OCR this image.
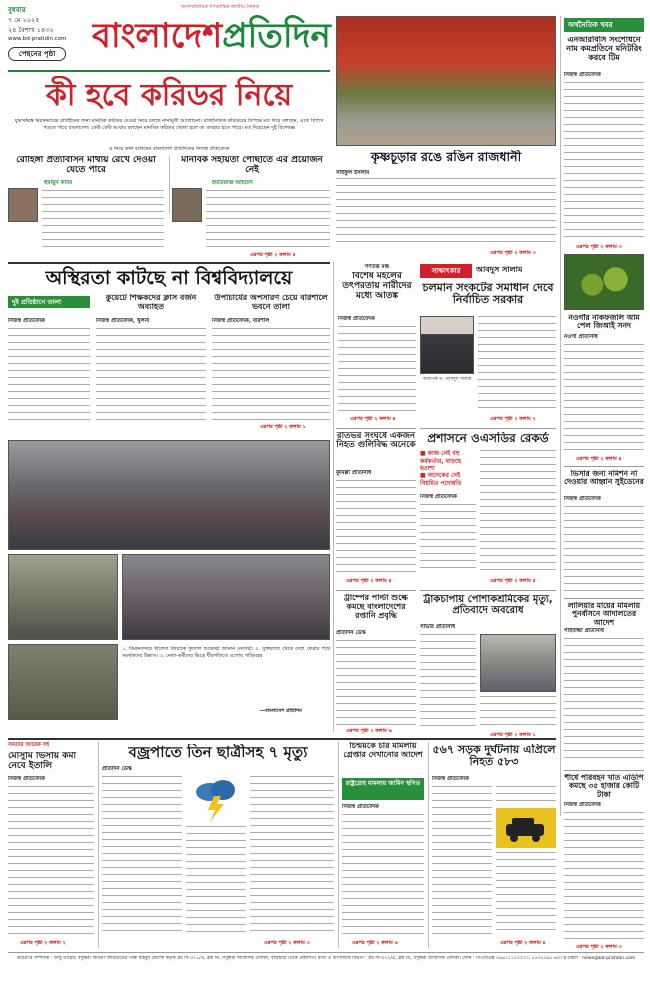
বুধবার
৭ মে ২০২৫
২৪ বৈশাখ ১৪৩২
www.bd-pratidin.com
পেছনের পৃষ্ঠা
অসাম্প্রদায়িক গণতান্ত্রিক জাতীয় দৈনিক
বাংলাদেশপ্রতিদিন
কী হবে করিডর নিয়ে
যুদ্ধবিধ্বস্ত মিয়ানমারের রাখাইনের জন্য মানবিক করিডর দেওয়া নিয়ে চলছে নানামুখী আলোচনা। রাজনৈতিক করিডরের বিপক্ষে মত দিয়ে বলছেন, এতে বিপদে পড়তে পারে বাংলাদেশ। কেউ কেউ আবার বলছেন মানবিক করিডর খোলা হলে তা ব্যবহার হতে পারে। মত দিয়েছেন দুই বিশেষজ্ঞ
এ নিয়ে কথা বলেছেন বাংলাদেশ প্রতিদিনের নিজস্ব প্রতিবেদক
রোহিঙ্গা প্রত্যাবাসন মাথায় রেখে দেওয়া যেতে পারে
মানবিক সহায়তা পৌঁছাতে এর প্রয়োজন নেই
হুমায়ুন কবির	ইমতিয়াজ আহমেদ
এরপর পৃষ্ঠা ২ কলাম ৫
কৃষ্ণচূড়ার রঙে রঙিন রাজধানী
সাইফুল ইসলাম
এরপর পৃষ্ঠা ২ কলাম ৩
অর্থনৈতিক খবর
এনআরবিসি সংশোধনে নাম কমপ্রতিনে মনিটরিং করবে টিম
নিজস্ব প্রতিবেদক
এরপর পৃষ্ঠা ২ কলাম ৩
নওগাঁর নাকফজলি আম পেল জিআই সনদ
নওগাঁ প্রতিনিধি
এরপর পৃষ্ঠা ২ কলাম ৪
ভিসার জন্য নমিশন না দেওয়ার আহ্বান সুইডেনের
নিজস্ব প্রতিবেদক
লালিয়ার মায়ের মামলায় পুনর্বাসনে আদালতের আদেশ
গাইবান্ধা প্রতিনিধি
শীর্ষে পরিবহন খাত এডিপি কমছে ৩৫ হাজার কোটি টাকা
নিজস্ব প্রতিবেদক
এরপর পৃষ্ঠা ২ কলাম ৩
অস্থিরতা কাটছে না বিশ্ববিদ্যালয়ে
দুই প্রতিষ্ঠানে তালা	কুয়েটে শিক্ষকদের ক্লাস বর্জন অব্যাহত
উপাচার্যের অপসারণ চেয়ে বরিশালে ভবনে তালা
নিজস্ব প্রতিবেদক	নিজস্ব প্রতিবেদক, খুলনা	নিজস্ব প্রতিবেদক, বরিশাল
এরপর পৃষ্ঠা ২ কলাম ১
গণতন্ত্র মঞ্চ
বিশেষ মহলের তৎপরতায় নারীদের মধ্যে আতঙ্ক
নিজস্ব প্রতিবেদক
এরপর পৃষ্ঠা ২ কলাম ৪
সাক্ষাৎকার	আবদুস সালাম
চলমান সংকটের সমাধান দেবে নির্বাচিত সরকার
অধ্যাপক ড. আবদুস সালাম
এরপর পৃষ্ঠা ২ কলাম ২
রাতভর সংঘর্ষে একজন নিহত গুলিবিদ্ধ অনেকে
কুমিল্লা প্রতিনিধি
এরপর পৃষ্ঠা ২ কলাম ৪
প্রশাসনে ওএসডির রেকর্ড
■ কাজ নেই বহু কর্মকর্তার, বাড়ছে হতাশা
■ অনেকের নেই নিয়মিত পদোন্নতি
নিজস্ব প্রতিবেদক
এরপর পৃষ্ঠা ২ কলাম ৫
ট্রাম্পের পাল্টা শুল্কে কমছে বাংলাদেশের রপ্তানি প্রবৃদ্ধি
প্রতিদিন ডেস্ক
এরপর পৃষ্ঠা ২ কলাম ৬
ট্রাকচাপায় পোশাকশ্রমিকের মৃত্যু, প্রতিবাদে অবরোধ
সাভার প্রতিনিধি
এরপর পৃষ্ঠা ২ কলাম ১
১. বিমানবন্দরে খালেদা জিয়াকে ফুলেল শুভেচ্ছা জানান নেতারা। ২. যুক্তরাজ্য থেকে দেশে ফেরার পথে সমর্থকদের উল্লাস। ৩. নেতা-কর্মীদের ভিড়ে ধীরগতিতে এগোয় গাড়িবহর
—বাংলাদেশ প্রতিদিন
সমতার আরেক সই
মৌসুমি ভিসায় কর্মী নেবে ইতালি
নিজস্ব প্রতিবেদক
এরপর পৃষ্ঠা ২ কলাম ২
বজ্রপাতে তিন ছাত্রীসহ ৭ মৃত্যু
প্রতিদিন ডেস্ক
এরপর পৃষ্ঠা ২ কলাম ৩
চিন্ময়কে চার মামলায় গ্রেপ্তার দেখানোর আদেশ
রাষ্ট্রদ্রোহ মামলায় জামিন স্থগিত
নিজস্ব প্রতিবেদক
এরপর পৃষ্ঠা ২ কলাম ৬
৫৬৭ সড়ক দুর্ঘটনায় এপ্রিলে নিহত ৫৮৩
নিজস্ব প্রতিবেদক
এরপর পৃষ্ঠা ২ কলাম ৪
ভারপ্রাপ্ত সম্পাদক : আবু তাহের। বসুন্ধরা মিডিয়া লিমিটেডের পক্ষে মাহবুব মোর্শেদ কর্তৃক প্লট সি-৩৭১/এ, ব্লক ডি, বসুন্ধরা আবাসিক এলাকা, বারিধারা থেকে প্রকাশিত। বার্তা ও বাণিজ্যিক বিভাগ : প্লট সি-৩৭১/এ, ব্লক ডি, বসুন্ধরা আবাসিক এলাকা। ফোন : পিএবিএক্স ০৯৬১২১২০০০০, ৮৪৩২৩৬১-৬৩। ই-মেইল : news@bd-pratidin.com
